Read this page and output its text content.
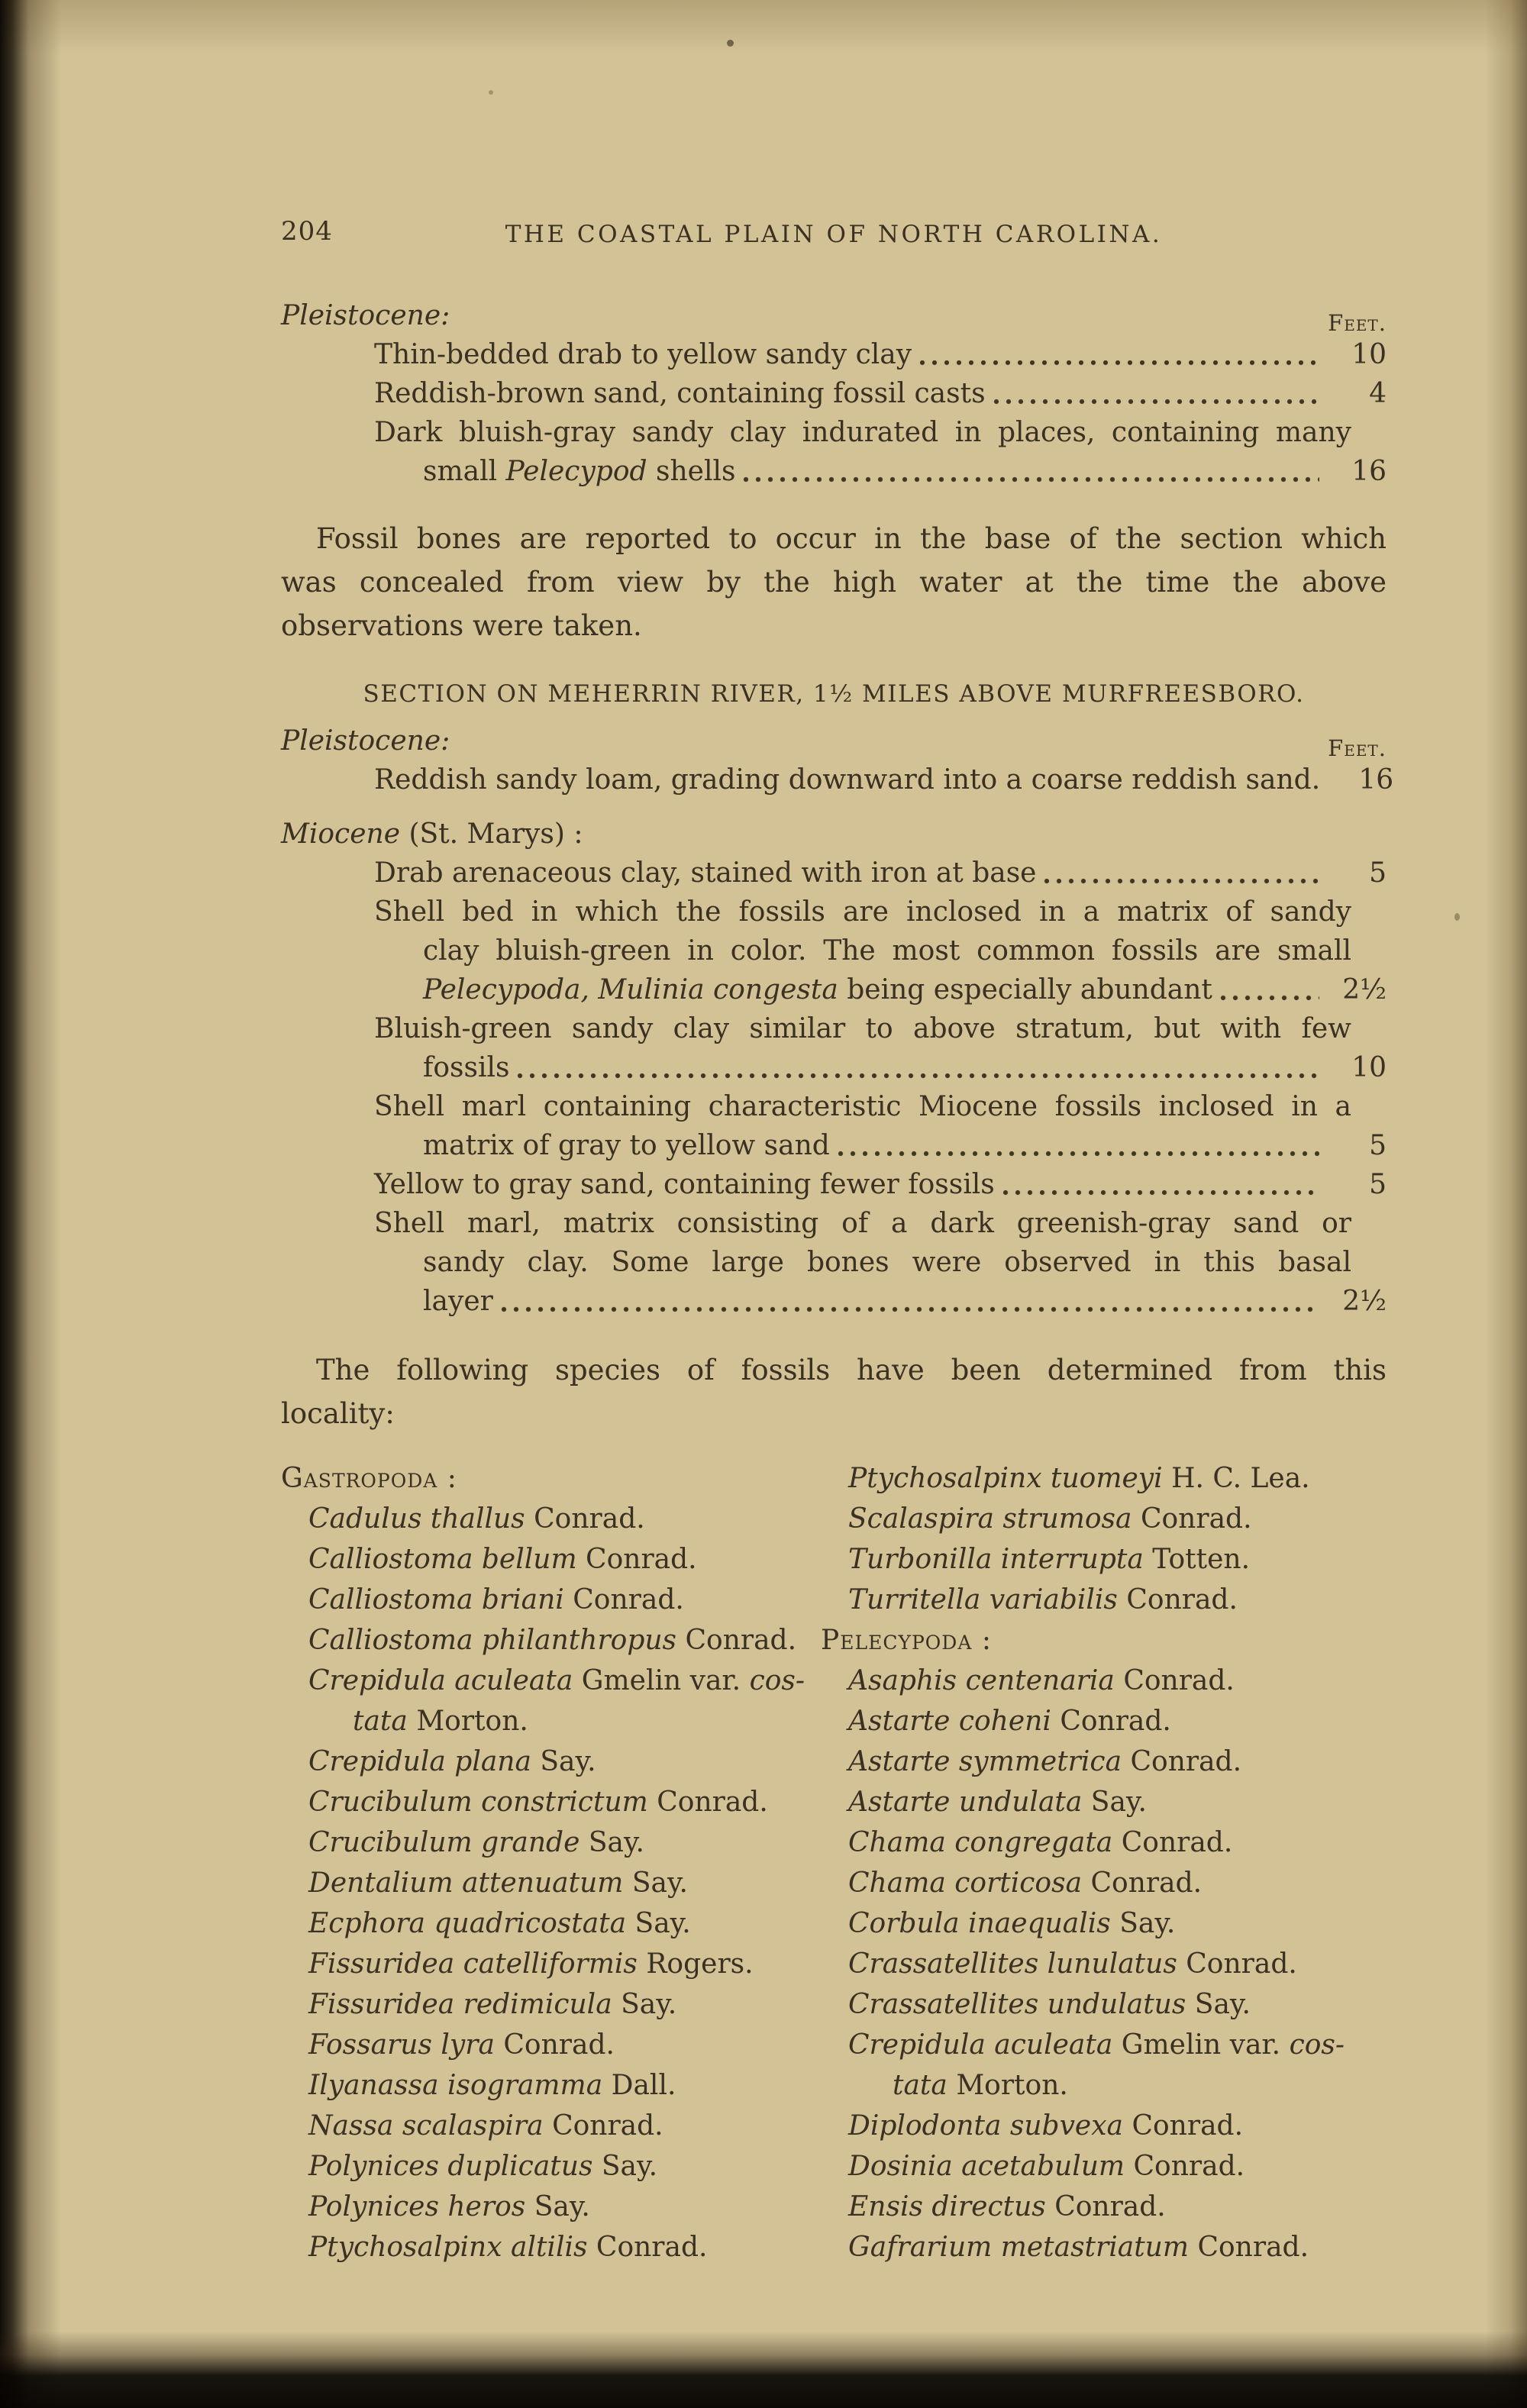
204	THE COASTAL PLAIN OF NORTH CAROLINA.
Pleistocene:	Feet.
Thin-bedded drab to yellow sandy clay	10
Reddish-brown sand, containing fossil casts	4
Dark bluish-gray sandy clay indurated in places, containing many
small Pelecypod shells	16

Fossil bones are reported to occur in the base of the section which
was concealed from view by the high water at the time the above
observations were taken.

SECTION ON MEHERRIN RIVER, 1½ MILES ABOVE MURFREESBORO.
Pleistocene:	Feet.
Reddish sandy loam, grading downward into a coarse reddish sand.	16
Miocene (St. Marys) :
Drab arenaceous clay, stained with iron at base	5
Shell bed in which the fossils are inclosed in a matrix of sandy
clay bluish-green in color. The most common fossils are small
Pelecypoda, Mulinia congesta being especially abundant	2½
Bluish-green sandy clay similar to above stratum, but with few
fossils	10
Shell marl containing characteristic Miocene fossils inclosed in a
matrix of gray to yellow sand	5
Yellow to gray sand, containing fewer fossils	5
Shell marl, matrix consisting of a dark greenish-gray sand or
sandy clay. Some large bones were observed in this basal
layer	2½

The following species of fossils have been determined from this
locality:

Gastropoda :
Cadulus thallus Conrad.
Calliostoma bellum Conrad.
Calliostoma briani Conrad.
Calliostoma philanthropus Conrad.
Crepidula aculeata Gmelin var. cos-
tata Morton.
Crepidula plana Say.
Crucibulum constrictum Conrad.
Crucibulum grande Say.
Dentalium attenuatum Say.
Ecphora quadricostata Say.
Fissuridea catelliformis Rogers.
Fissuridea redimicula Say.
Fossarus lyra Conrad.
Ilyanassa isogramma Dall.
Nassa scalaspira Conrad.
Polynices duplicatus Say.
Polynices heros Say.
Ptychosalpinx altilis Conrad.
Ptychosalpinx tuomeyi H. C. Lea.
Scalaspira strumosa Conrad.
Turbonilla interrupta Totten.
Turritella variabilis Conrad.
Pelecypoda :
Asaphis centenaria Conrad.
Astarte coheni Conrad.
Astarte symmetrica Conrad.
Astarte undulata Say.
Chama congregata Conrad.
Chama corticosa Conrad.
Corbula inaequalis Say.
Crassatellites lunulatus Conrad.
Crassatellites undulatus Say.
Crepidula aculeata Gmelin var. cos-
tata Morton.
Diplodonta subvexa Conrad.
Dosinia acetabulum Conrad.
Ensis directus Conrad.
Gafrarium metastriatum Conrad.
